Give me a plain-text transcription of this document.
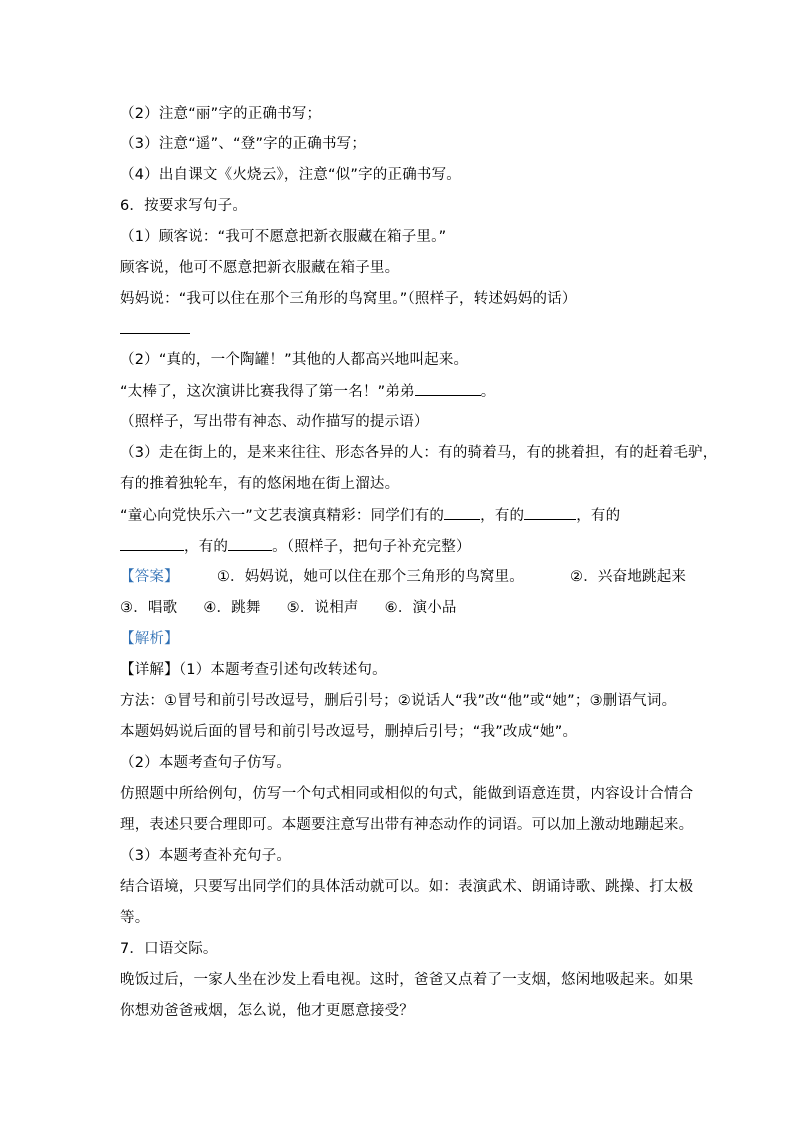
（2）注意“丽”字的正确书写；
（3）注意“遥”、“登”字的正确书写；
（4）出自课文《火烧云》，注意“似”字的正确书写。
6．按要求写句子。
（1）顾客说：“我可不愿意把新衣服藏在箱子里。”
顾客说，他可不愿意把新衣服藏在箱子里。
妈妈说：“我可以住在那个三角形的鸟窝里。”（照样子，转述妈妈的话）
（2）“真的，一个陶罐！”其他的人都高兴地叫起来。
“太棒了，这次演讲比赛我得了第一名！”弟弟	。
（照样子，写出带有神态、动作描写的提示语）
（3）走在街上的，是来来往往、形态各异的人：有的骑着马，有的挑着担，有的赶着毛驴，
有的推着独轮车，有的悠闲地在街上溜达。
“童心向党快乐六一”文艺表演真精彩：同学们有的 ，有的	，有的
，有的	。（照样子，把句子补充完整）
【答案】	①．妈妈说，她可以住在那个三角形的鸟窝里。	②．兴奋地跳起来
③．唱歌 ④．跳舞 ⑤．说相声 ⑥．演小品
【解析】
【详解】（1）本题考查引述句改转述句。
方法：①冒号和前引号改逗号，删后引号；②说话人“我”改“他”或“她”；③删语气词。
本题妈妈说后面的冒号和前引号改逗号，删掉后引号；“我”改成“她”。
（2）本题考查句子仿写。
仿照题中所给例句，仿写一个句式相同或相似的句式，能做到语意连贯，内容设计合情合
理，表述只要合理即可。本题要注意写出带有神态动作的词语。可以加上激动地蹦起来。
（3）本题考查补充句子。
结合语境，只要写出同学们的具体活动就可以。如：表演武术、朗诵诗歌、跳操、打太极
等。
7．口语交际。
晚饭过后，一家人坐在沙发上看电视。这时，爸爸又点着了一支烟，悠闲地吸起来。如果
你想劝爸爸戒烟，怎么说，他才更愿意接受？
